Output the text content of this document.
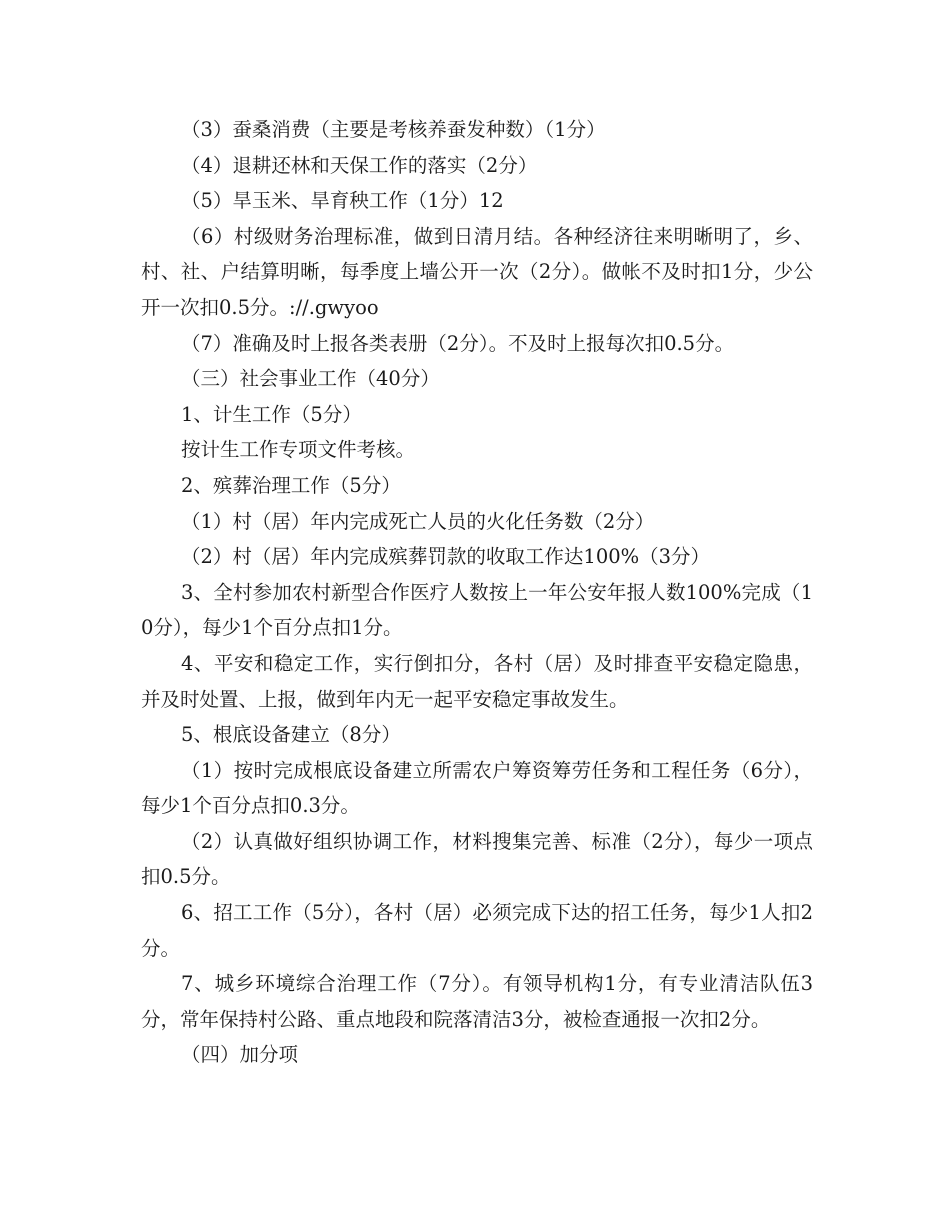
（3）蚕桑消费（主要是考核养蚕发种数）（1分）

（4）退耕还林和天保工作的落实（2分）

（5）旱玉米、旱育秧工作（1分）12

（6）村级财务治理标准，做到日清月结。各种经济往来明晰明了，乡、村、社、户结算明晰，每季度上墙公开一次（2分）。做帐不及时扣1分，少公开一次扣0.5分。://.gwyoo

（7）准确及时上报各类表册（2分）。不及时上报每次扣0.5分。

（三）社会事业工作（40分）

1、计生工作（5分）

按计生工作专项文件考核。

2、殡葬治理工作（5分）

（1）村（居）年内完成死亡人员的火化任务数（2分）

（2）村（居）年内完成殡葬罚款的收取工作达100%（3分）

3、全村参加农村新型合作医疗人数按上一年公安年报人数100%完成（10分），每少1个百分点扣1分。

4、平安和稳定工作，实行倒扣分，各村（居）及时排查平安稳定隐患，并及时处置、上报，做到年内无一起平安稳定事故发生。

5、根底设备建立（8分）

（1）按时完成根底设备建立所需农户筹资筹劳任务和工程任务（6分），每少1个百分点扣0.3分。

（2）认真做好组织协调工作，材料搜集完善、标准（2分），每少一项点扣0.5分。

6、招工工作（5分），各村（居）必须完成下达的招工任务，每少1人扣2分。

7、城乡环境综合治理工作（7分）。有领导机构1分，有专业清洁队伍3分，常年保持村公路、重点地段和院落清洁3分，被检查通报一次扣2分。

（四）加分项
